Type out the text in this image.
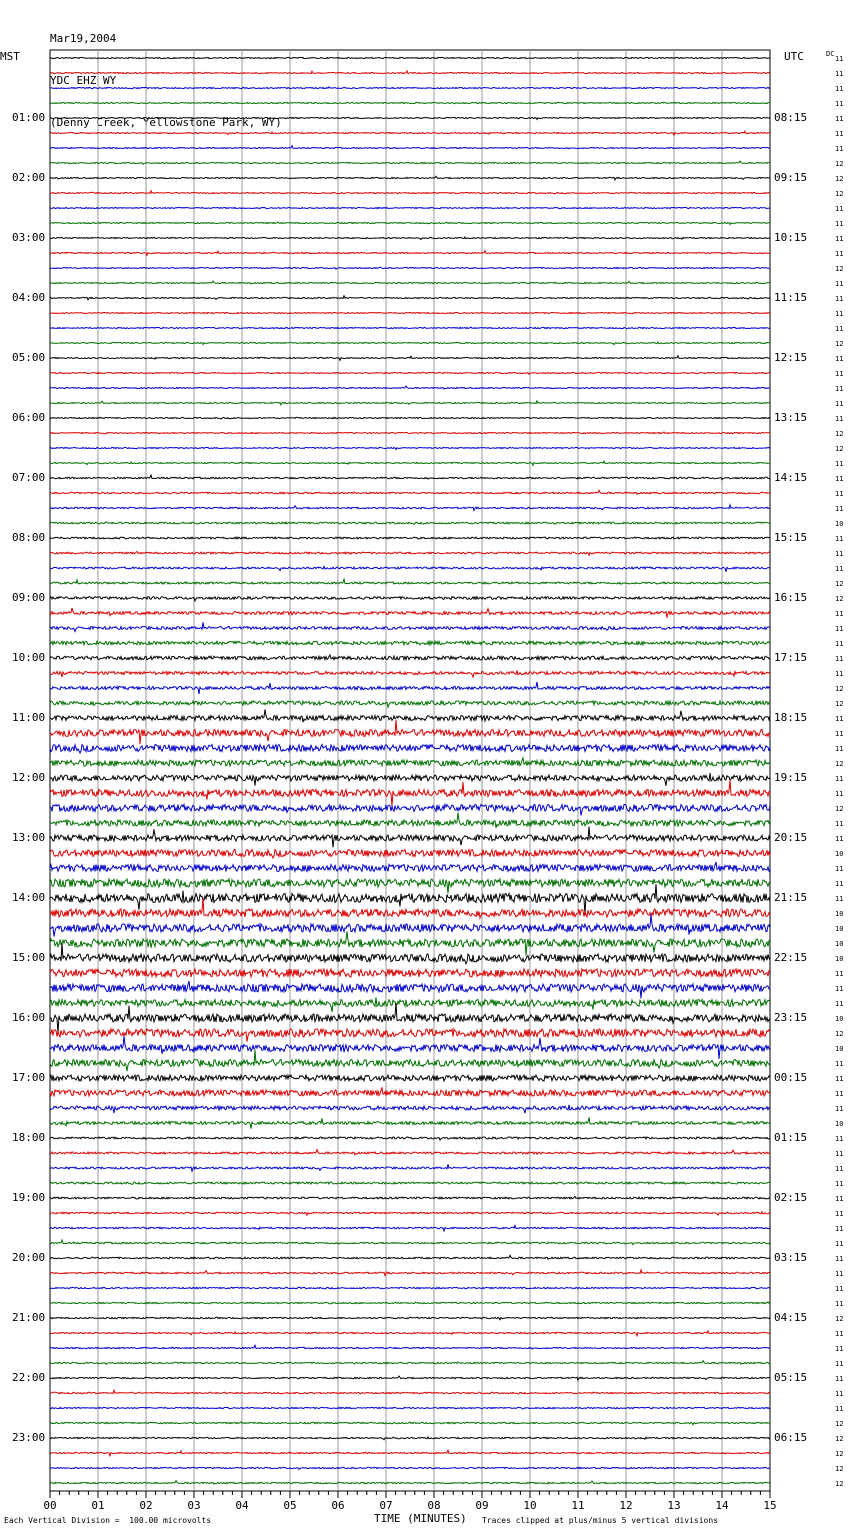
Mar19,2004

YDC EHZ WY

(Denny Creek, Yellowstone Park, WY)

MST	UTC	DC
01:00
02:00
03:00
04:00
05:00
06:00
07:00
08:00
09:00
10:00
11:00
12:00
13:00
14:00
15:00
16:00
17:00
18:00
19:00
20:00
21:00
22:00
23:00
08:15
09:15
10:15
11:15
12:15
13:15
14:15
15:15
16:15
17:15
18:15
19:15
20:15
21:15
22:15
23:15
00:15
01:15
02:15
03:15
04:15
05:15
06:15
11
11
11
11
11
11
11
12
12
12
11
11
11
11
12
11
11
11
11
12
11
11
11
11
11
12
12
11
11
11
11
10
11
11
11
12
12
11
11
11
11
11
12
12
11
11
11
12
11
11
12
11
11
10
11
11
11
10
10
10
10
11
11
11
10
12
10
11
11
11
11
10
11
11
11
11
11
11
11
11
11
11
11
11
12
11
11
11
11
11
11
12
12
12
12
12
00	01	02	03	04	05	06	07	08	09	10	11	12	13	14	15
Each Vertical Division =  100.00 microvolts	TIME (MINUTES) Traces clipped at plus/minus 5 vertical divisions
